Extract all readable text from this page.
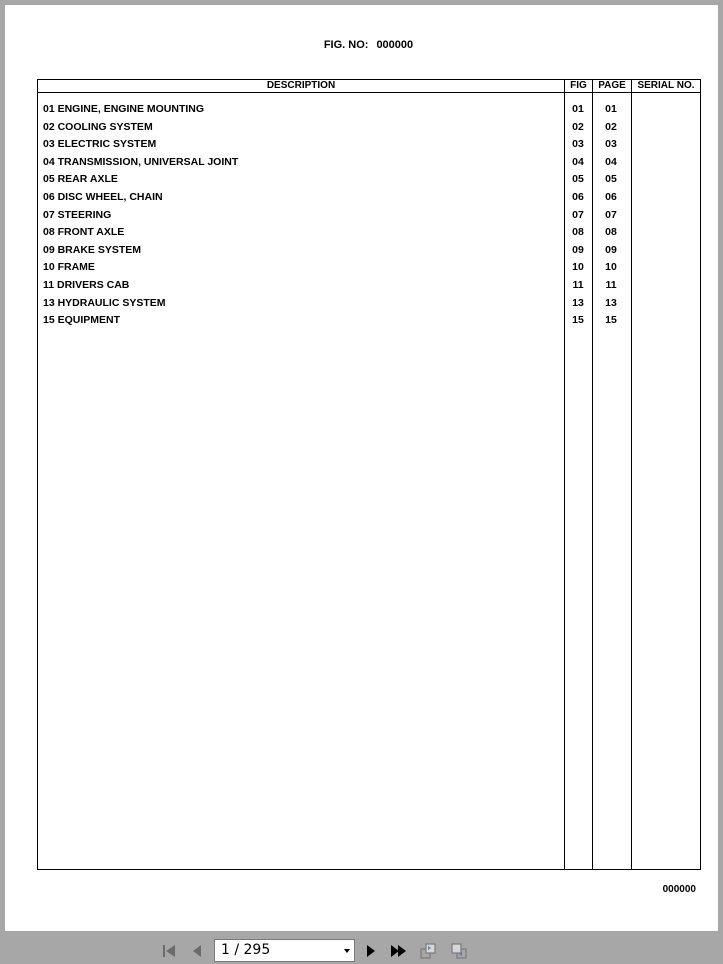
FIG. NO: 000000
DESCRIPTION	FIG	PAGE	SERIAL NO.
01 ENGINE, ENGINE MOUNTING	01	01
02 COOLING SYSTEM	02	02
03 ELECTRIC SYSTEM	03	03
04 TRANSMISSION, UNIVERSAL JOINT	04	04
05 REAR AXLE	05	05
06 DISC WHEEL, CHAIN	06	06
07 STEERING	07	07
08 FRONT AXLE	08	08
09 BRAKE SYSTEM	09	09
10 FRAME	10	10
11 DRIVERS CAB	11	11
13 HYDRAULIC SYSTEM	13	13
15 EQUIPMENT	15	15
000000
1 / 295
